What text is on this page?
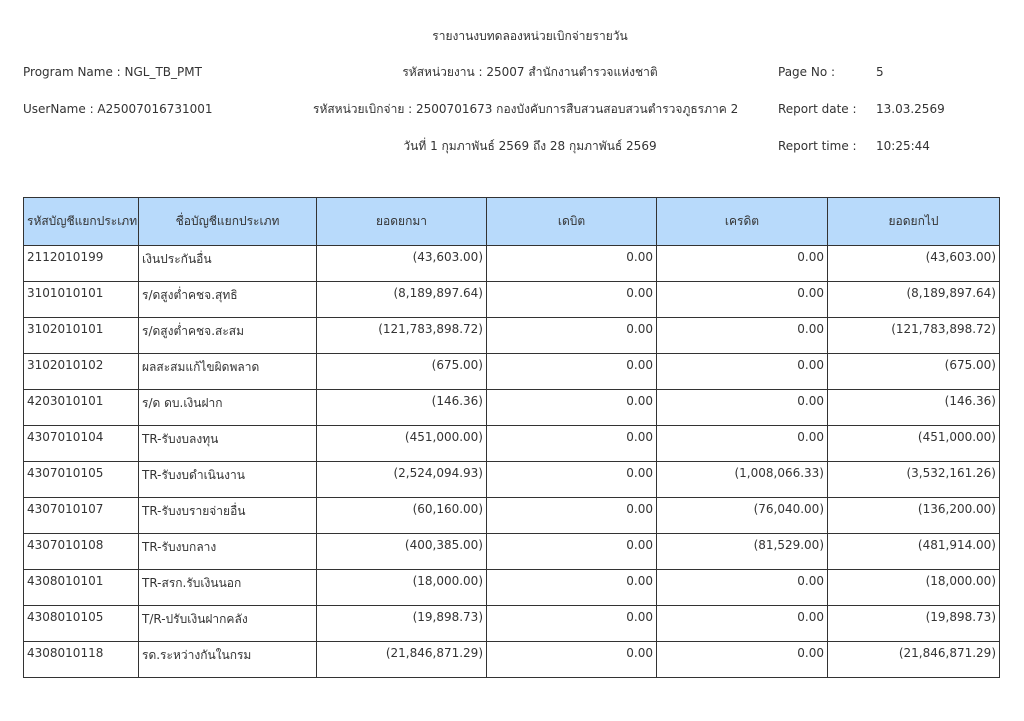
รายงานงบทดลองหน่วยเบิกจ่ายรายวัน
Program Name : NGL_TB_PMT
UserName : A25007016731001
รหัสหน่วยงาน : 25007 สำนักงานตำรวจแห่งชาติ
รหัสหน่วยเบิกจ่าย : 2500701673 กองบังคับการสืบสวนสอบสวนตำรวจภูธรภาค 2
วันที่ 1 กุมภาพันธ์ 2569 ถึง 28 กุมภาพันธ์ 2569
Page No :	5
Report date : 13.03.2569
Report time : 10:25:44
รหัสบัญชีแยกประเภท	ชื่อบัญชีแยกประเภท	ยอดยกมา	เดบิต	เครดิต	ยอดยกไป
2112010199	เงินประกันอื่น	(43,603.00)	0.00	0.00	(43,603.00)
3101010101	ร/ดสูงต่ำคชจ.สุทธิ	(8,189,897.64)	0.00	0.00	(8,189,897.64)
3102010101	ร/ดสูงต่ำคชจ.สะสม	(121,783,898.72)	0.00	0.00	(121,783,898.72)
3102010102	ผลสะสมแก้ไขผิดพลาด	(675.00)	0.00	0.00	(675.00)
4203010101	ร/ด ดบ.เงินฝาก	(146.36)	0.00	0.00	(146.36)
4307010104	TR-รับงบลงทุน	(451,000.00)	0.00	0.00	(451,000.00)
4307010105	TR-รับงบดำเนินงาน	(2,524,094.93)	0.00	(1,008,066.33)	(3,532,161.26)
4307010107	TR-รับงบรายจ่ายอื่น	(60,160.00)	0.00	(76,040.00)	(136,200.00)
4307010108	TR-รับงบกลาง	(400,385.00)	0.00	(81,529.00)	(481,914.00)
4308010101	TR-สรก.รับเงินนอก	(18,000.00)	0.00	0.00	(18,000.00)
4308010105	T/R-ปรับเงินฝากคลัง	(19,898.73)	0.00	0.00	(19,898.73)
4308010118	รด.ระหว่างกันในกรม	(21,846,871.29)	0.00	0.00	(21,846,871.29)
